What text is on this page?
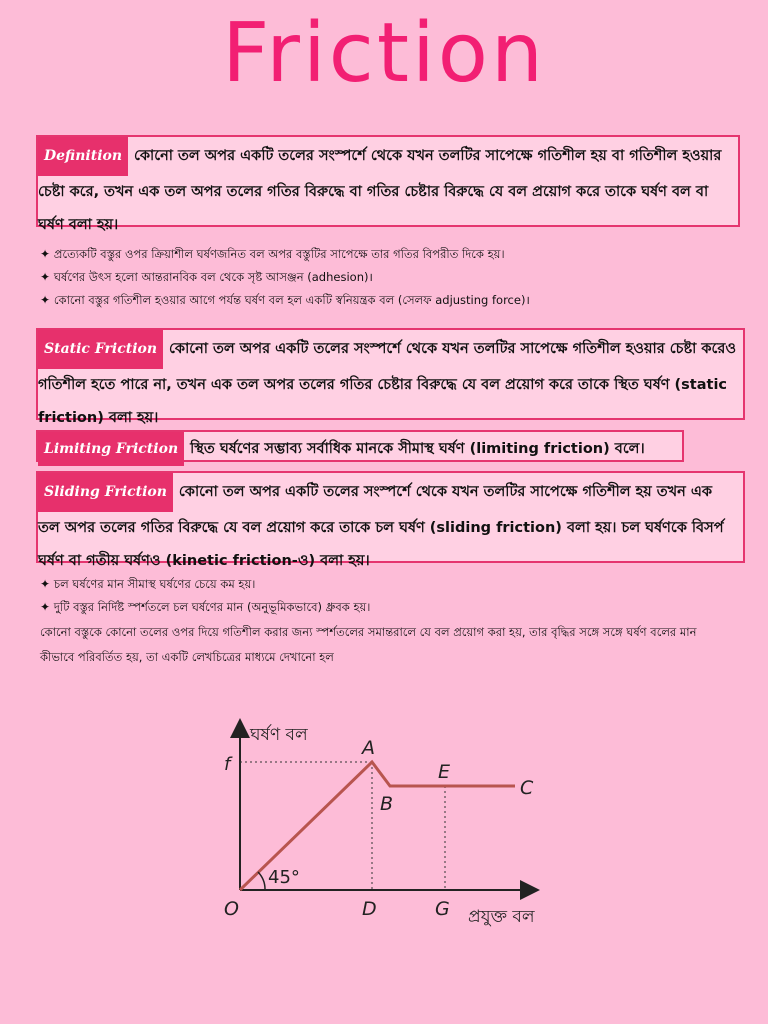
Friction
Definition কোনো তল অপর একটি তলের সংস্পর্শে থেকে যখন তলটির সাপেক্ষে গতিশীল হয় বা গতিশীল হওয়ার চেষ্টা করে, তখন এক তল অপর তলের গতির বিরুদ্ধে বা গতির চেষ্টার বিরুদ্ধে যে বল প্রয়োগ করে তাকে ঘর্ষণ বল বা ঘর্ষণ বলা হয়।
✦ প্রত্যেকটি বস্তুর ওপর ক্রিয়াশীল ঘর্ষণজনিত বল অপর বস্তুটির সাপেক্ষে তার গতির বিপরীত দিকে হয়।
✦ ঘর্ষণের উৎস হলো আন্তরানবিক বল থেকে সৃষ্ট আসঞ্জন (adhesion)।
✦ কোনো বস্তুর গতিশীল হওয়ার আগে পর্যন্ত ঘর্ষণ বল হল একটি স্বনিয়ন্ত্রক বল (সেলফ adjusting force)।
Static Friction কোনো তল অপর একটি তলের সংস্পর্শে থেকে যখন তলটির সাপেক্ষে গতিশীল হওয়ার চেষ্টা করেও গতিশীল হতে পারে না, তখন এক তল অপর তলের গতির চেষ্টার বিরুদ্ধে যে বল প্রয়োগ করে তাকে স্থিত ঘর্ষণ (static friction) বলা হয়।
Limiting Friction স্থিত ঘর্ষণের সম্ভাব্য সর্বাধিক মানকে সীমাস্থ ঘর্ষণ (limiting friction) বলে।
Sliding Friction কোনো তল অপর একটি তলের সংস্পর্শে থেকে যখন তলটির সাপেক্ষে গতিশীল হয় তখন এক তল অপর তলের গতির বিরুদ্ধে যে বল প্রয়োগ করে তাকে চল ঘর্ষণ (sliding friction) বলা হয়। চল ঘর্ষণকে বিসর্প ঘর্ষণ বা গতীয় ঘর্ষণও (kinetic friction-ও) বলা হয়।
✦ চল ঘর্ষণের মান সীমাস্থ ঘর্ষণের চেয়ে কম হয়।
✦ দুটি বস্তুর নির্দিষ্ট স্পর্শতলে চল ঘর্ষণের মান (অনুভূমিকভাবে) ধ্রুবক হয়।
কোনো বস্তুকে কোনো তলের ওপর দিয়ে গতিশীল করার জন্য স্পর্শতলের সমান্তরালে যে বল প্রয়োগ করা হয়, তার বৃদ্ধির সঙ্গে সঙ্গে ঘর্ষণ বলের মান কীভাবে পরিবর্তিত হয়, তা একটি লেখচিত্রের মাধ্যমে দেখানো হল
ঘর্ষণ বল
প্রযুক্ত বল
45°
O
A
B
C
D
E
G
f
